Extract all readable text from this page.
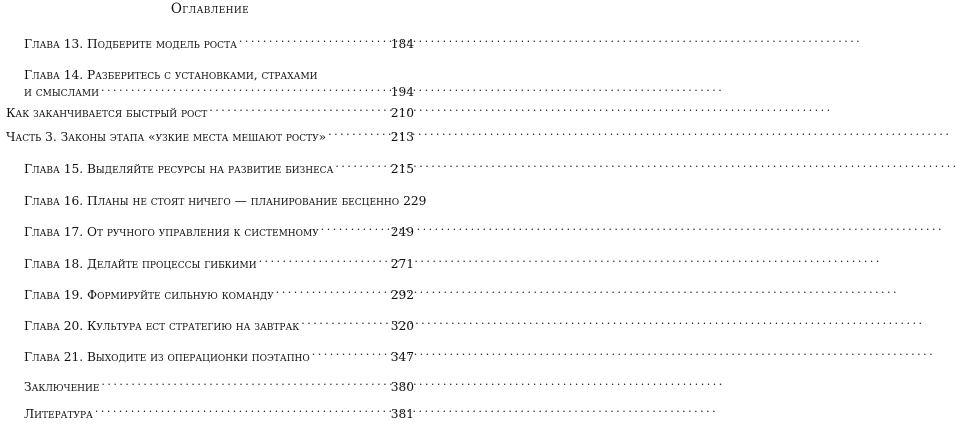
Оглавление
Глава 13. Подберите модель роста . . .	184
Глава 14. Разберитесь с установками, страхами
и смыслами . . .	194
Как заканчивается быстрый рост . . .	210
Часть 3. Законы этапа «узкие места мешают росту» . . .	213
Глава 15. Выделяйте ресурсы на развитие бизнеса . . .	215
Глава 16. Планы не стоят ничего — планирование бесценно 229
Глава 17. От ручного управления к системному . . .	249
Глава 18. Делайте процессы гибкими . . .	271
Глава 19. Формируйте сильную команду . . .	292
Глава 20. Культура ест стратегию на завтрак . . .	320
Глава 21. Выходите из операционки поэтапно . . .	347
Заключение . . .	380
Литература . . .	381
